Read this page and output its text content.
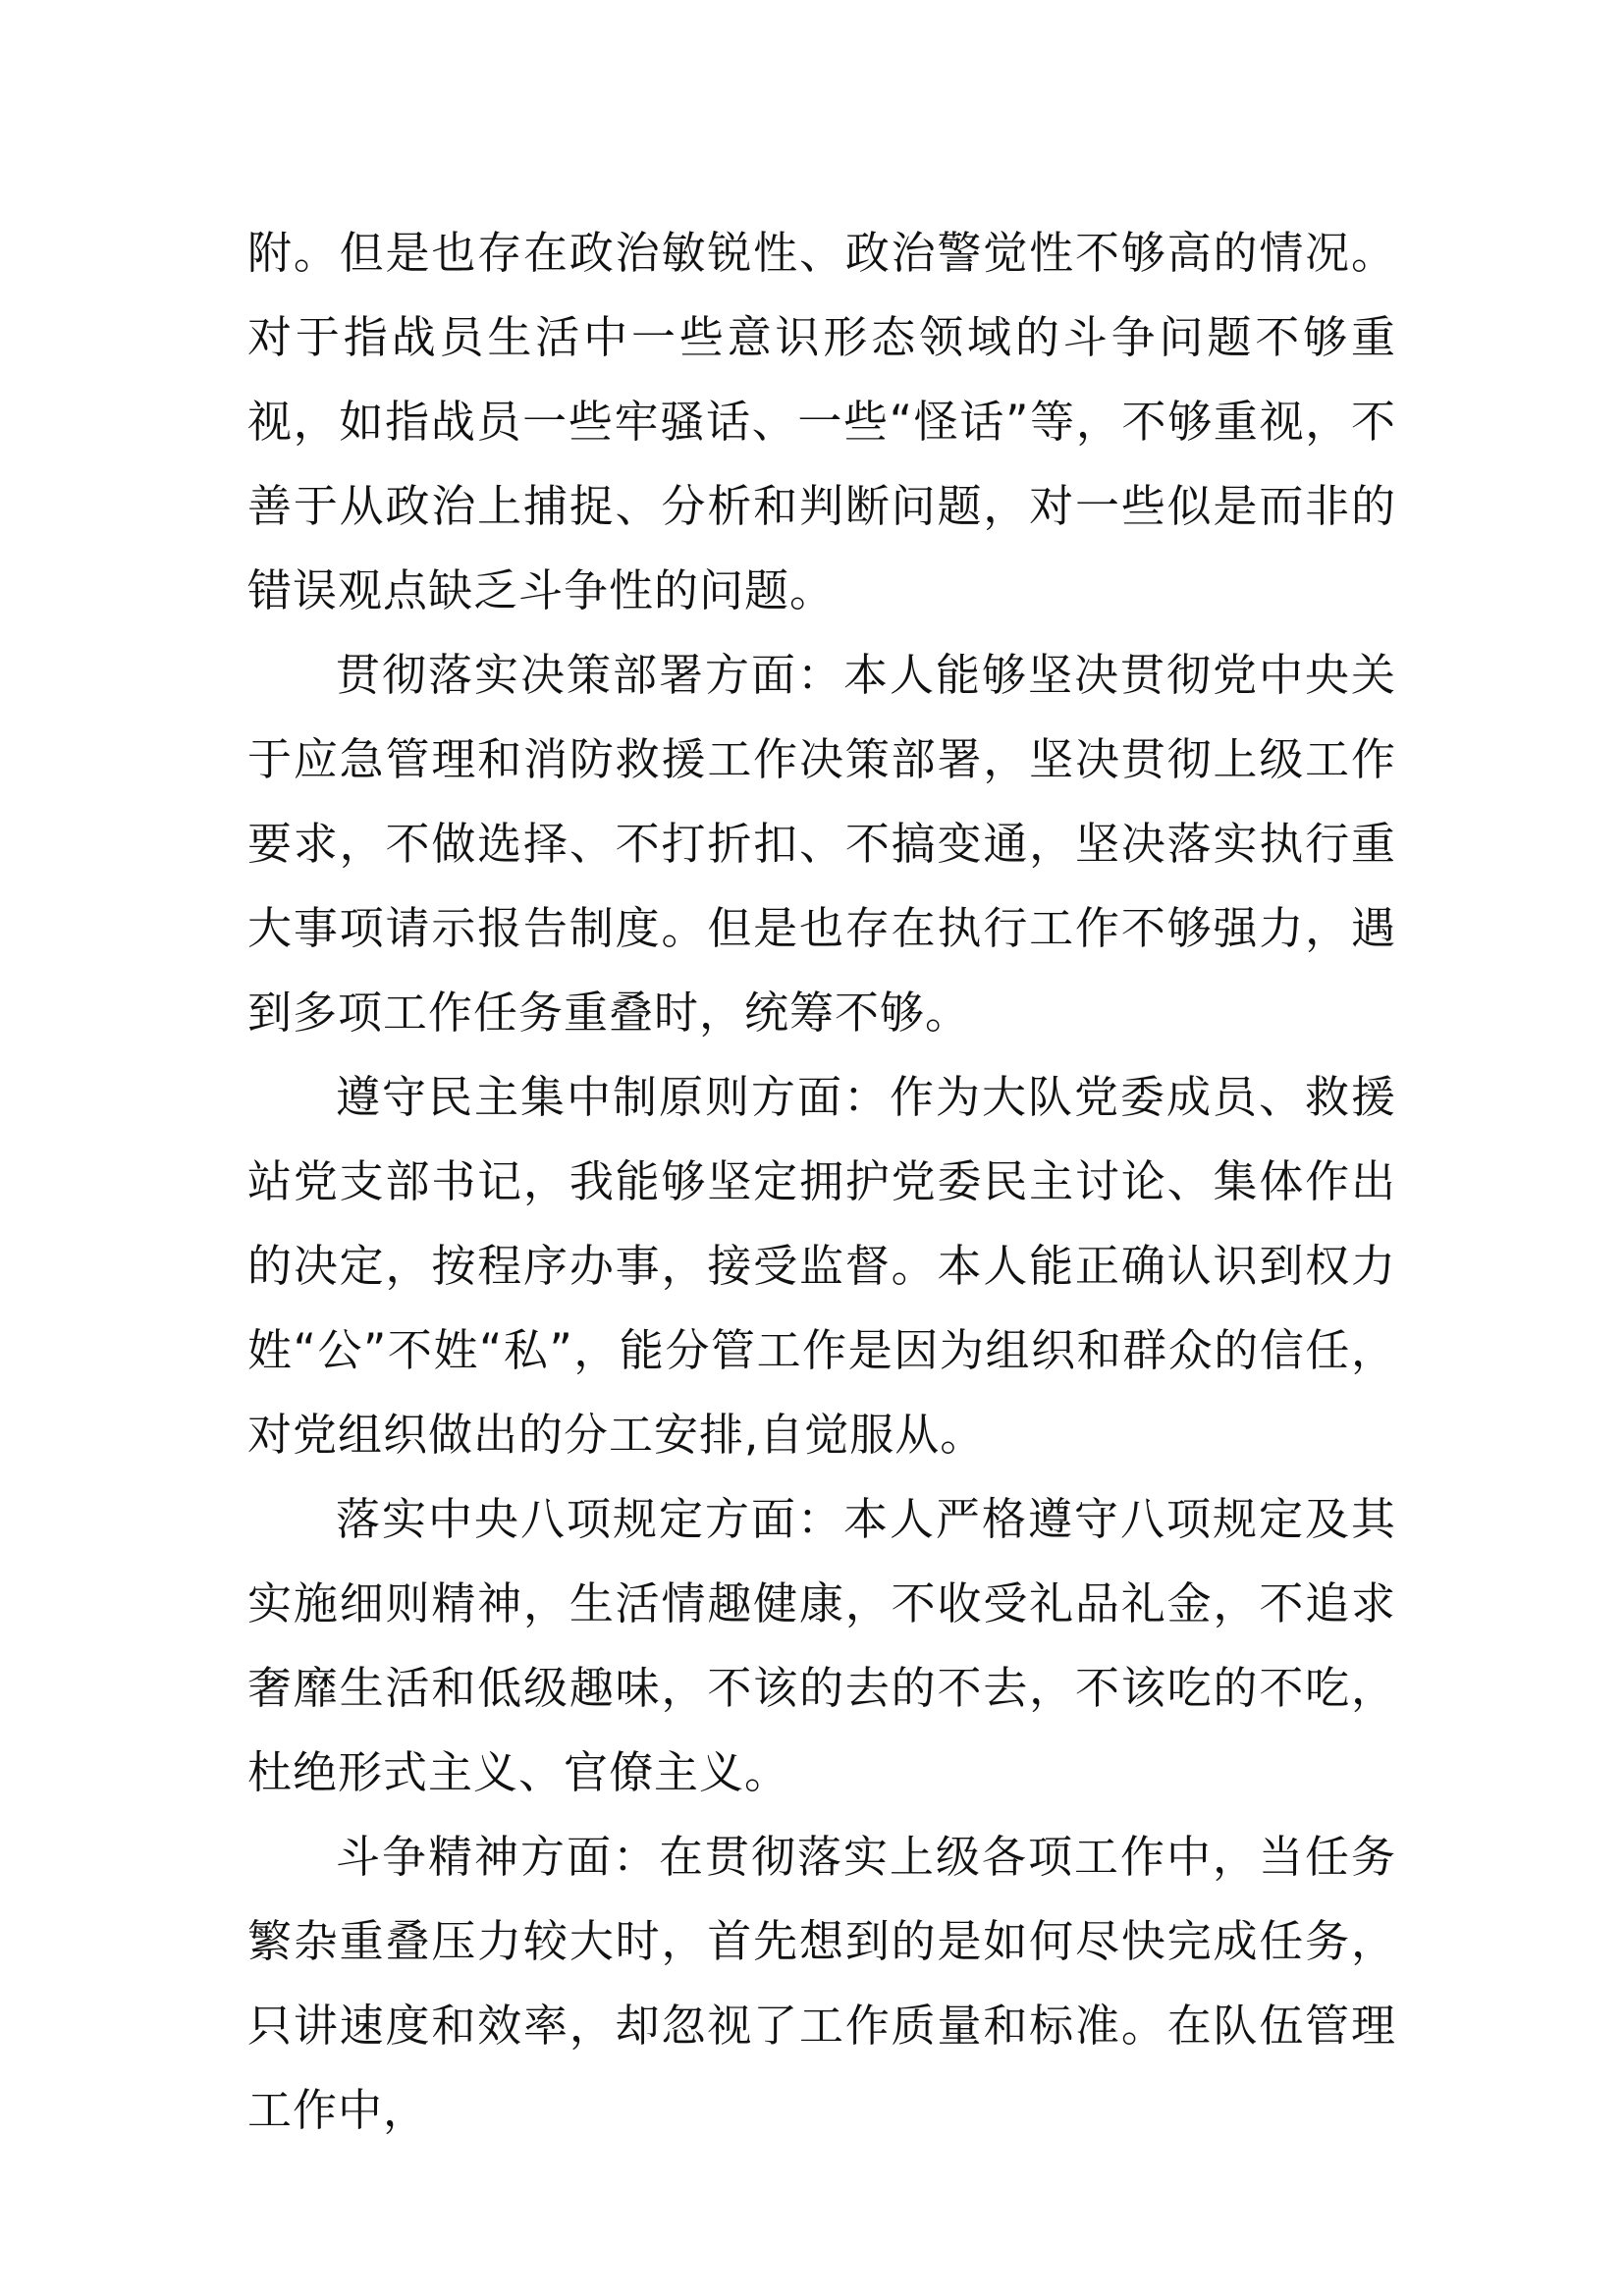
附。但是也存在政治敏锐性、政治警觉性不够高的情况。对于指战员生活中一些意识形态领域的斗争问题不够重视，如指战员一些牢骚话、一些“怪话”等，不够重视，不善于从政治上捕捉、分析和判断问题，对一些似是而非的错误观点缺乏斗争性的问题。

贯彻落实决策部署方面：本人能够坚决贯彻党中央关于应急管理和消防救援工作决策部署，坚决贯彻上级工作要求，不做选择、不打折扣、不搞变通，坚决落实执行重大事项请示报告制度。但是也存在执行工作不够强力，遇到多项工作任务重叠时，统筹不够。

遵守民主集中制原则方面：作为大队党委成员、救援站党支部书记，我能够坚定拥护党委民主讨论、集体作出的决定，按程序办事，接受监督。本人能正确认识到权力姓“公”不姓“私”，能分管工作是因为组织和群众的信任，对党组织做出的分工安排,自觉服从。

落实中央八项规定方面：本人严格遵守八项规定及其实施细则精神，生活情趣健康，不收受礼品礼金，不追求奢靡生活和低级趣味，不该的去的不去，不该吃的不吃，杜绝形式主义、官僚主义。

斗争精神方面：在贯彻落实上级各项工作中，当任务繁杂重叠压力较大时，首先想到的是如何尽快完成任务，只讲速度和效率，却忽视了工作质量和标准。在队伍管理工作中，
